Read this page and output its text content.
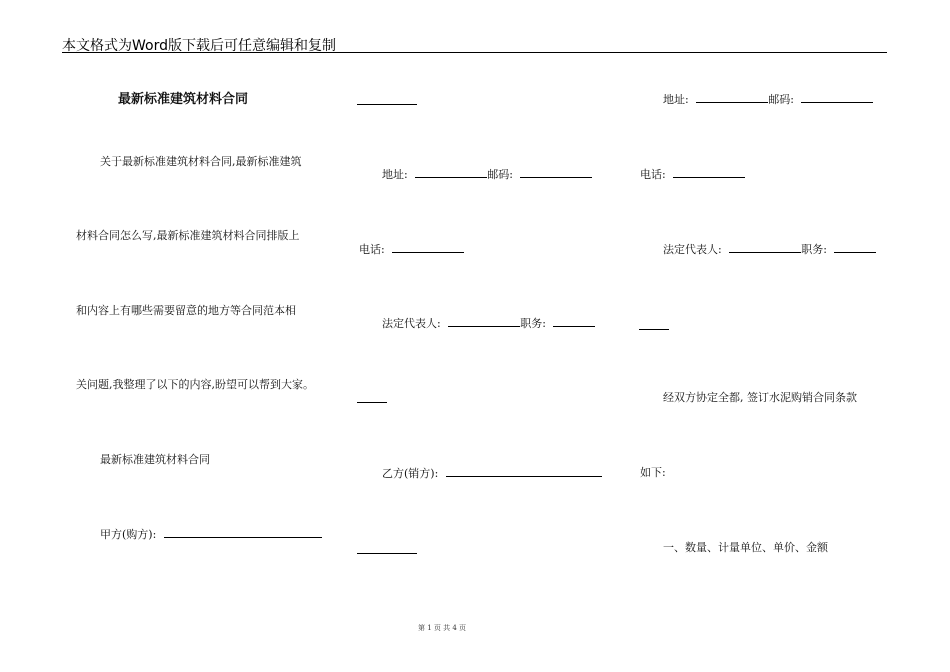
本文格式为Word版下载后可任意编辑和复制
最新标准建筑材料合同
关于最新标准建筑材料合同,最新标准建筑
材料合同怎么写,最新标准建筑材料合同排版上
和内容上有哪些需要留意的地方等合同范本相
关问题,我整理了以下的内容,盼望可以帮到大家。
最新标准建筑材料合同
甲方(购方):
地址:	邮码:
电话:
法定代表人:	职务:
乙方(销方):
地址:	邮码:
电话:
法定代表人:	职务:
经双方协定全都, 签订水泥购销合同条款
如下:
一、数量、计量单位、单价、金额
第 1 页 共 4 页
